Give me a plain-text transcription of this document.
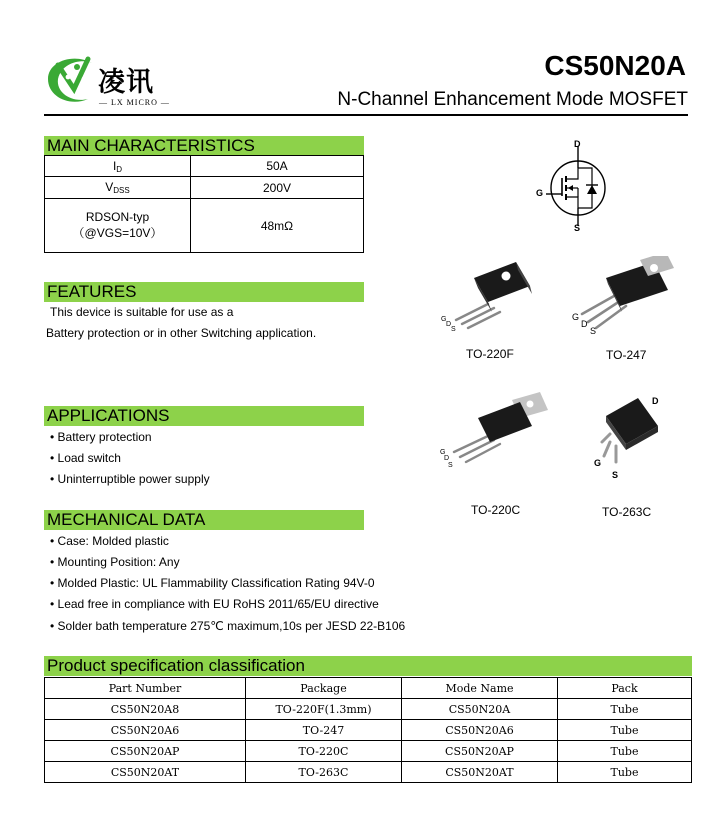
凌讯
— LX MICRO —
CS50N20A
N-Channel Enhancement Mode MOSFET
MAIN CHARACTERISTICS
$I_D$	50A
$V_{DSS}$	200V

RDSON-typ
（@VGS=10V）	48mΩ
FEATURES
This device is suitable for use as a
Battery protection or in other Switching application.
APPLICATIONS
• Battery protection
• Load switch
• Uninterruptible power supply
MECHANICAL DATA
• Case: Molded plastic
• Mounting Position: Any
• Molded Plastic: UL Flammability Classification Rating 94V-0
• Lead free in compliance with EU RoHS 2011/65/EU directive
• Solder bath temperature 275℃ maximum,10s per JESD 22-B106
D
G
S
G
D
S
TO-220F
G
D
S
TO-247
G
D
S
TO-220C
D
G
S
TO-263C
Product specification classification
Part Number	Package	Mode Name	Pack
CS50N20A8	TO-220F(1.3mm)	CS50N20A	Tube
CS50N20A6	TO-247	CS50N20A6	Tube
CS50N20AP	TO-220C	CS50N20AP	Tube
CS50N20AT	TO-263C	CS50N20AT	Tube
